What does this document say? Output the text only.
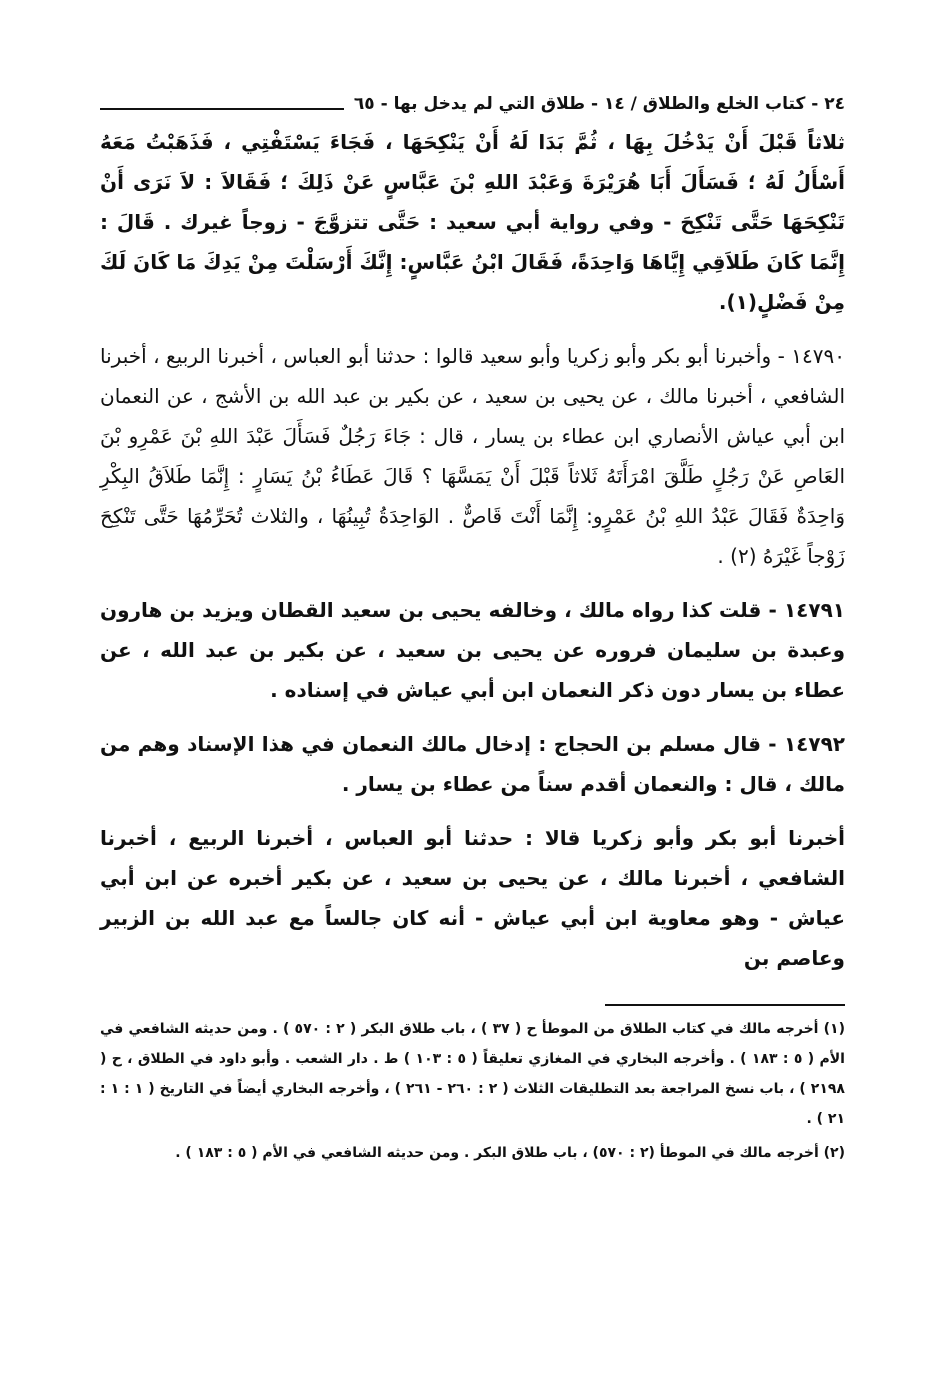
٢٤ - كتاب الخلع والطلاق / ١٤ - طلاق التي لم يدخل بها - ٦٥

ثلاثاً قَبْلَ أَنْ يَدْخُلَ بِهَا ، ثُمَّ بَدَا لَهُ أَنْ يَنْكِحَهَا ، فَجَاءَ يَسْتَفْتِي ، فَذَهَبْتُ مَعَهُ أَسْأَلُ لَهُ ؛ فَسَأَلَ أَبَا هُرَيْرَةَ وَعَبْدَ اللهِ بْنَ عَبَّاسٍ عَنْ ذَلِكَ ؛ فَقَالاَ : لاَ نَرَى أَنْ تَنْكِحَهَا حَتَّى تَنْكِحَ - وفي رواية أبي سعيد : حَتَّى تتزوَّجَ - زوجاً غيرك . قَالَ : إِنَّمَا كَانَ طَلاَقِي إِيَّاهَا وَاحِدَةً، فَقَالَ ابْنُ عَبَّاسٍ: إِنَّكَ أَرْسَلْتَ مِنْ يَدِكَ مَا كَانَ لَكَ مِنْ فَضْلٍ(١).

١٤٧٩٠ - وأخبرنا أبو بكر وأبو زكريا وأبو سعيد قالوا : حدثنا أبو العباس ، أخبرنا الربيع ، أخبرنا الشافعي ، أخبرنا مالك ، عن يحيى بن سعيد ، عن بكير بن عبد الله بن الأشج ، عن النعمان ابن أبي عياش الأنصاري ابن عطاء بن يسار ، قال : جَاءَ رَجُلٌ فَسَأَلَ عَبْدَ اللهِ بْنَ عَمْرِو بْنَ العَاصِ عَنْ رَجُلٍ طَلَّقَ امْرَأَتَهُ ثَلاثاً قَبْلَ أَنْ يَمَسَّهَا ؟ قَالَ عَطَاءُ بْنُ يَسَارٍ : إِنَّمَا طَلاَقُ البِكْرِ وَاحِدَةٌ فَقَالَ عَبْدُ اللهِ بْنُ عَمْرٍو: إِنَّمَا أَنْتَ قَاصٌّ . الوَاحِدَةُ تُبِينُهَا ، والثلاث تُحَرِّمُهَا حَتَّى تَنْكِحَ زَوْجاً غَيْرَهُ (٢) .

١٤٧٩١ - قلت كذا رواه مالك ، وخالفه يحيى بن سعيد القطان ويزيد بن هارون وعبدة بن سليمان فروره عن يحيى بن سعيد ، عن بكير بن عبد الله ، عن عطاء بن يسار دون ذكر النعمان ابن أبي عياش في إسناده .

١٤٧٩٢ - قال مسلم بن الحجاج : إدخال مالك النعمان في هذا الإسناد وهم من مالك ، قال : والنعمان أقدم سناً من عطاء بن يسار .

أخبرنا أبو بكر وأبو زكريا قالا : حدثنا أبو العباس ، أخبرنا الربيع ، أخبرنا الشافعي ، أخبرنا مالك ، عن يحيى بن سعيد ، عن بكير أخبره عن ابن أبي عياش - وهو معاوية ابن أبي عياش - أنه كان جالساً مع عبد الله بن الزبير وعاصم بن

(١) أخرجه مالك في كتاب الطلاق من الموطأ ح ( ٣٧ ) ، باب طلاق البكر ( ٢ : ٥٧٠ ) . ومن حديثه الشافعي في الأم ( ٥ : ١٨٣ ) . وأخرجه البخاري في المغازي تعليقاً ( ٥ : ١٠٣ ) ط . دار الشعب . وأبو داود في الطلاق ، ح ( ٢١٩٨ ) ، باب نسخ المراجعة بعد التطليقات الثلاث ( ٢ : ٢٦٠ - ٢٦١ ) ، وأخرجه البخاري أيضاً في التاريخ ( ١ : ١ : ٢١ ) .

(٢) أخرجه مالك في الموطأ (٢ : ٥٧٠) ، باب طلاق البكر . ومن حديثه الشافعي في الأم ( ٥ : ١٨٣ ) .
